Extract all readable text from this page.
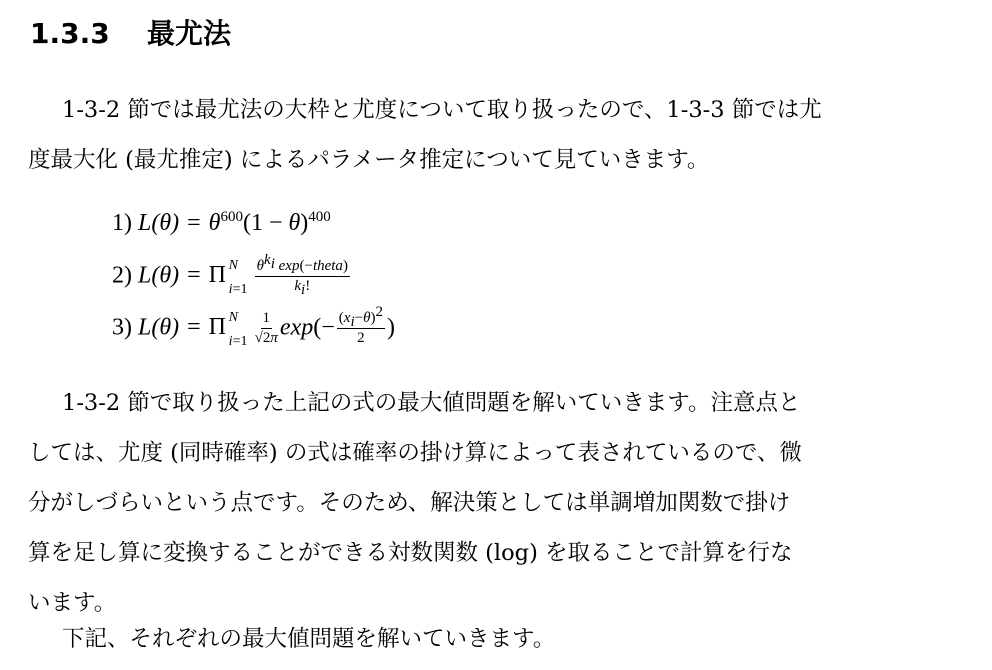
1.3.3 最尤法

1-3-2 節では最尤法の大枠と尤度について取り扱ったので、1-3-3 節では尤
度最大化 (最尤推定) によるパラメータ推定について見ていきます。

1) $L(\theta) = \theta^{600}(1 - \theta)^{400}$
2) L(θ) = Π N
$i=1 \frac{\theta^{k_i} \exp(-theta)}{k_i!}$
3) L(θ) = Π N
$i=1 \frac{1}{√2\pi} \exp(- \frac{(x_i-\theta)^2}{2}$ )

1-3-2 節で取り扱った上記の式の最大値問題を解いていきます。注意点と
しては、尤度 (同時確率) の式は確率の掛け算によって表されているので、微
分がしづらいという点です。そのため、解決策としては単調増加関数で掛け
算を足し算に変換することができる対数関数 (log) を取ることで計算を行な
います。

下記、それぞれの最大値問題を解いていきます。
